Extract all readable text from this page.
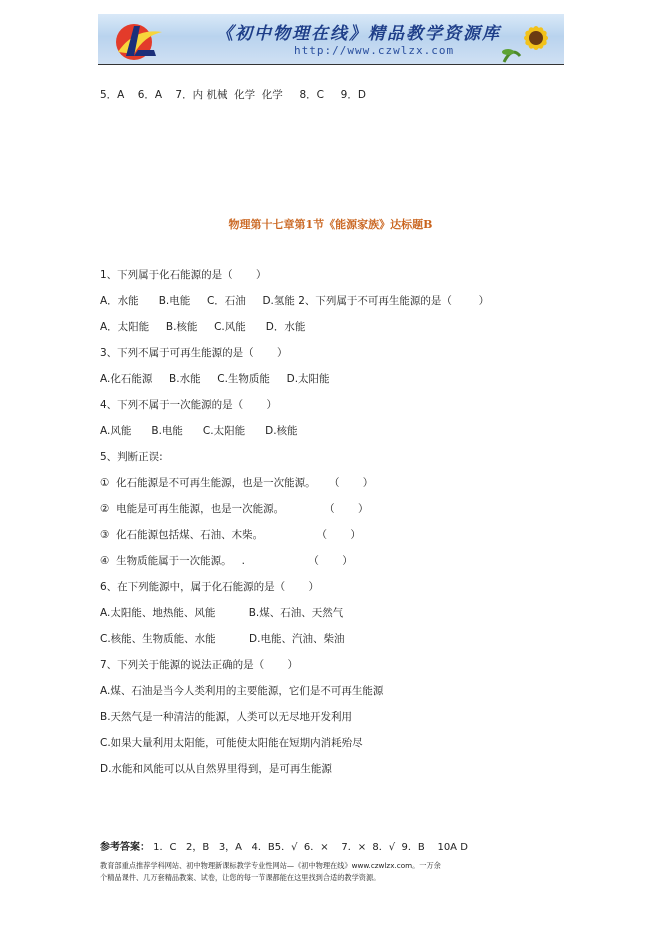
《初中物理在线》精品教学资源库
http://www.czwlzx.com
5．A    6．A    7．内 机械  化学  化学     8．C     9．D
物理第十七章第1节《能源家族》达标题B
1、下列属于化石能源的是（       ）
A．水能      B.电能     C．石油     D.氢能 2、下列属于不可再生能源的是（        ）
A．太阳能     B.核能     C.风能      D．水能
3、下列不属于可再生能源的是（       ）
A.化石能源     B.水能     C.生物质能     D.太阳能
4、下列不属于一次能源的是（       ）
A.风能      B.电能      C.太阳能      D.核能
5、判断正误:
①  化石能源是不可再生能源，也是一次能源。    （       ）
②  电能是可再生能源，也是一次能源。            （       ）
③  化石能源包括煤、石油、木柴。                （       ）
④  生物质能属于一次能源。   .                   （       ）
6、在下列能源中，属于化石能源的是（       ）
A.太阳能、地热能、风能          B.煤、石油、天然气
C.核能、生物质能、水能          D.电能、汽油、柴油
7、下列关于能源的说法正确的是（       ）
A.煤、石油是当今人类利用的主要能源，它们是不可再生能源
B.天然气是一种清洁的能源，人类可以无尽地开发利用
C.如果大量利用太阳能，可能使太阳能在短期内消耗殆尽
D.水能和风能可以从自然界里得到，是可再生能源
参考答案： 1．C   2，B   3，A   4．B5．√  6．×    7．×  8．√  9．B    10A D
教育部重点推荐学科网站、初中物理新课标教学专业性网站—《初中物理在线》www.czwlzx.com。一万余
个精品课件、几万套精品教案、试卷，让您的每一节课都能在这里找到合适的教学资源。
